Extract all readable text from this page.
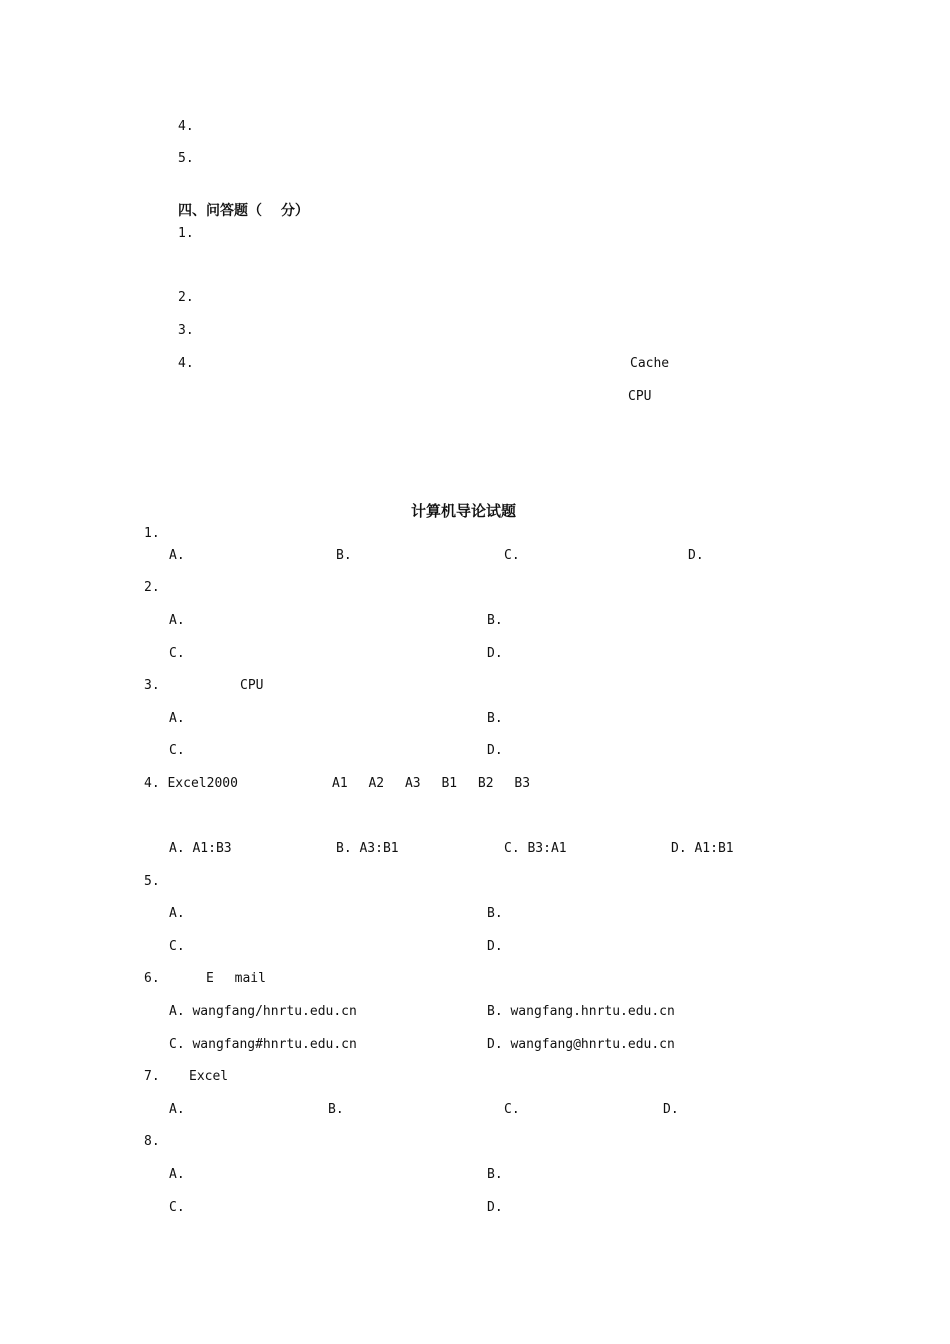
4. 　　　　　　　　　　　　　　　　
5. 　　　　　　　　　　　　　　　　　　　　　　　　　　　　　　
四、问答题（　 分）
1.　　

2.　　　　　　　　　　　　　　　　　　　　　　

3.　　　　　　　　　　　　　　　　　　　　　　　　　　　　　　　　
4.　　　　　　　　　　　　　　　　　　　　　　　　　　	Cache　　　　　　　　

CPU　　　

计算机导论试题
1. 　　　　　　　　　　　　　　　　　　　　　　　　　　　　　　

A. 　　　　	B. 　　　　	C. 　　　　　	D.  　　　　
2. 　　　　　　　　　　　　　　

A. 　　　　　　　　　　　	B. 　　　　　　　
C. 　　　　　　　　　	D. 　　　　　　　
3. 　　　　 CPU　　　

A. 　　　　　　	B. 　　　　　　　　　
C. 　　　　　　　	D. 　　　　　　　
4. Excel2000　　　　　 A1　 A2　 A3　 B1　 B2　 B3　　　　　　　　　　　　　　　　　　

A. A1:B3	B. A3:B1	C. B3:A1	D. A1:B1
5. 　　　　　　　　

A. 　　　　　　　　　　　　　	B. 　　　　　　　　　　　　　
C. 　　　　　　　　　　　　　　　　　	D. 　　　　　　　　　　　　　　　　　
6. 　　 E　 mail　　　　　　　　

A. wangfang/hnrtu.edu.cn	B. wangfang.hnrtu.edu.cn
C. wangfang#hnrtu.edu.cn	D. wangfang@hnrtu.edu.cn
7. 　 Excel　　　　　　　　　　　　　　　　　　　　　

A. 　　	B. 　　　	C. 　　	D. 　　
8. 　　　　　　　　　　　　　　　　　　　　

A. 　　　	B. 　　　
C. 　　　	D. 　　　
